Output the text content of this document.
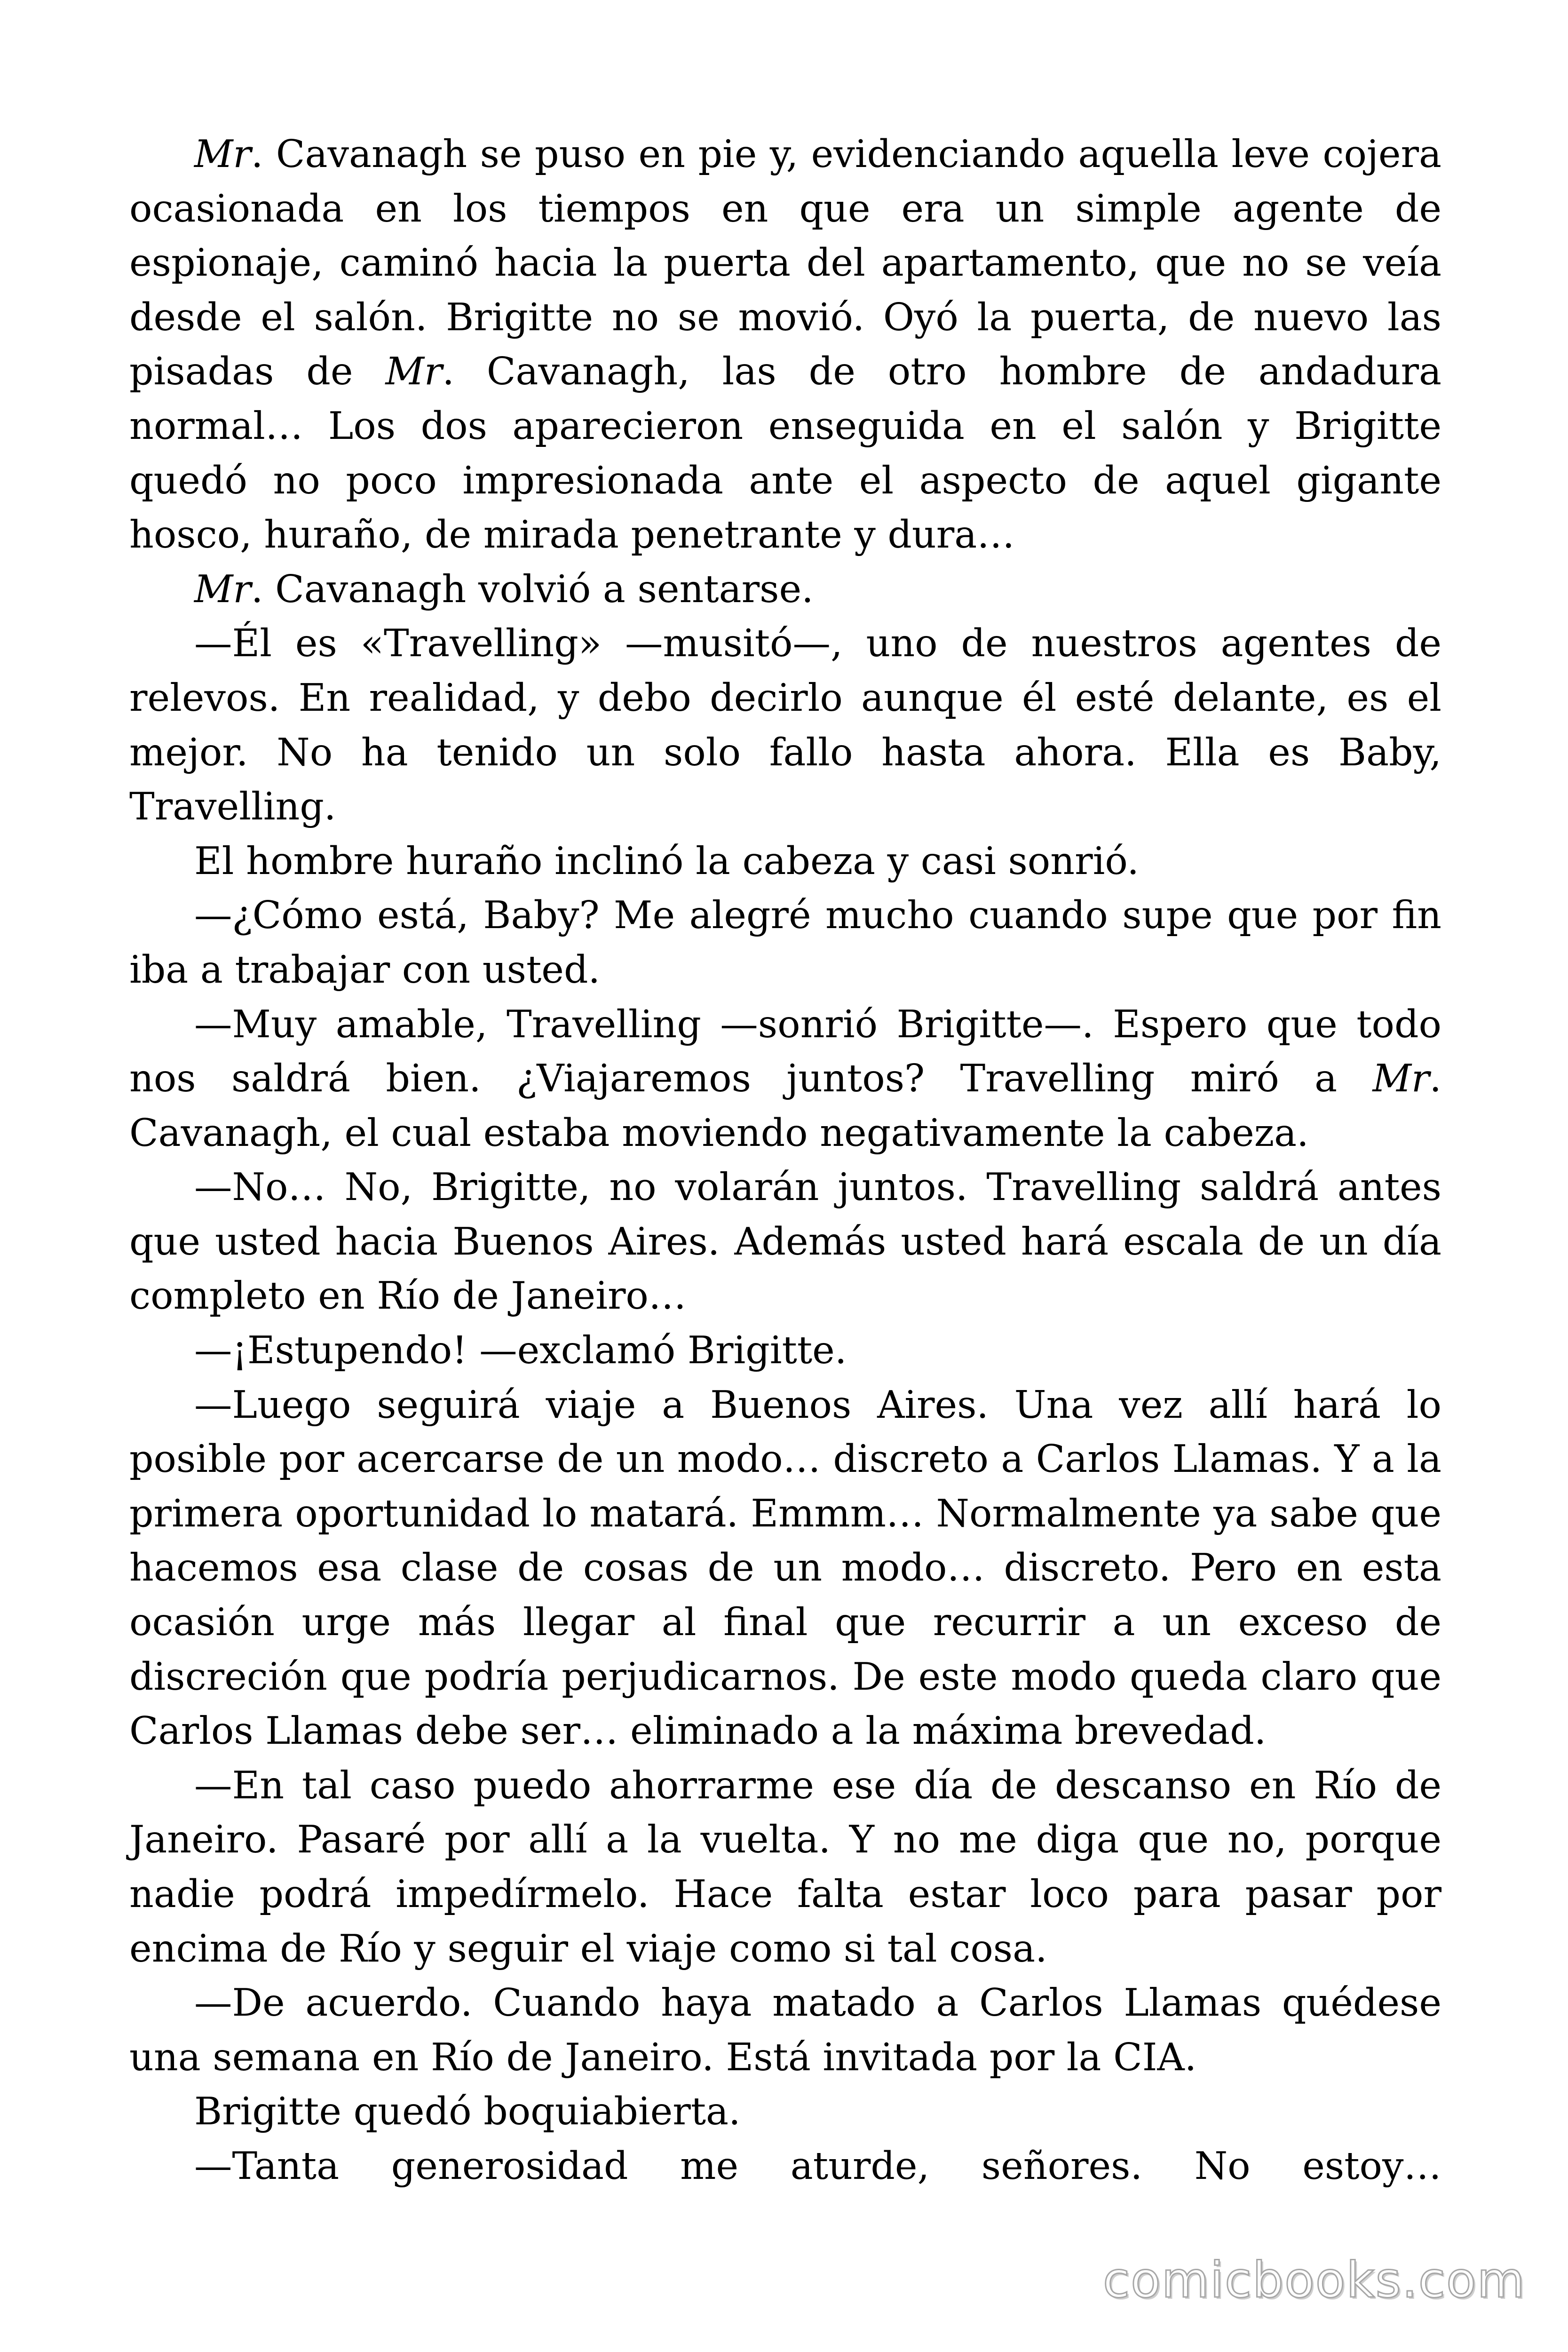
Mr. Cavanagh se puso en pie y, evidenciando aquella leve cojera ocasionada en los tiempos en que era un simple agente de espionaje, caminó hacia la puerta del apartamento, que no se veía desde el salón. Brigitte no se movió. Oyó la puerta, de nuevo las pisadas de Mr. Cavanagh, las de otro hombre de andadura normal… Los dos aparecieron enseguida en el salón y Brigitte quedó no poco impresionada ante el aspecto de aquel gigante hosco, huraño, de mirada penetrante y dura…

Mr. Cavanagh volvió a sentarse.

—Él es «Travelling» —musitó—, uno de nuestros agentes de relevos. En realidad, y debo decirlo aunque él esté delante, es el mejor. No ha tenido un solo fallo hasta ahora. Ella es Baby, Travelling.

El hombre huraño inclinó la cabeza y casi sonrió.

—¿Cómo está, Baby? Me alegré mucho cuando supe que por fin iba a trabajar con usted.

—Muy amable, Travelling —sonrió Brigitte—. Espero que todo nos saldrá bien. ¿Viajaremos juntos? Travelling miró a Mr. Cavanagh, el cual estaba moviendo negativamente la cabeza.

—No… No, Brigitte, no volarán juntos. Travelling saldrá antes que usted hacia Buenos Aires. Además usted hará escala de un día completo en Río de Janeiro…

—¡Estupendo! —exclamó Brigitte.

—Luego seguirá viaje a Buenos Aires. Una vez allí hará lo posible por acercarse de un modo… discreto a Carlos Llamas. Y a la primera oportunidad lo matará. Emmm… Normalmente ya sabe que hacemos esa clase de cosas de un modo… discreto. Pero en esta ocasión urge más llegar al final que recurrir a un exceso de discreción que podría perjudicarnos. De este modo queda claro que Carlos Llamas debe ser… eliminado a la máxima brevedad.

—En tal caso puedo ahorrarme ese día de descanso en Río de Janeiro. Pasaré por allí a la vuelta. Y no me diga que no, porque nadie podrá impedírmelo. Hace falta estar loco para pasar por encima de Río y seguir el viaje como si tal cosa.

—De acuerdo. Cuando haya matado a Carlos Llamas quédese una semana en Río de Janeiro. Está invitada por la CIA.

Brigitte quedó boquiabierta.

—Tanta generosidad me aturde, señores. No estoy…

comicbooks.com
